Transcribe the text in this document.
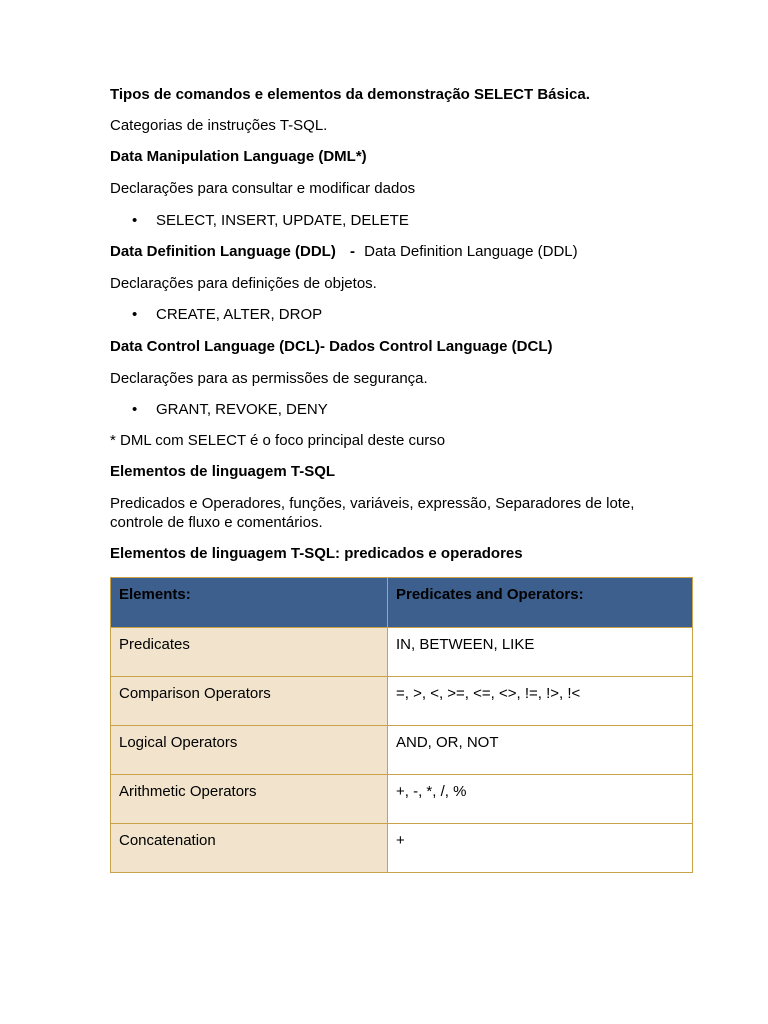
Tipos de comandos e elementos da demonstração SELECT Básica.
Categorias de instruções T-SQL.
Data Manipulation Language (DML*)
Declarações para consultar e modificar dados
• SELECT, INSERT, UPDATE, DELETE
Data Definition Language (DDL) - Data Definition Language (DDL)
Declarações para definições de objetos.
• CREATE, ALTER, DROP
Data Control Language (DCL)- Dados Control Language (DCL)
Declarações para as permissões de segurança.
• GRANT, REVOKE, DENY
* DML com SELECT é o foco principal deste curso
Elementos de linguagem T-SQL
Predicados e Operadores, funções, variáveis, expressão, Separadores de lote, controle de fluxo e comentários.
Elementos de linguagem T-SQL: predicados e operadores
Elements:	Predicates and Operators:
Predicates	IN, BETWEEN, LIKE
Comparison Operators	=, >, <, >=, <=, <>, !=, !>, !<
Logical Operators	AND, OR, NOT
Arithmetic Operators	+, -, *, /, %
Concatenation	+
